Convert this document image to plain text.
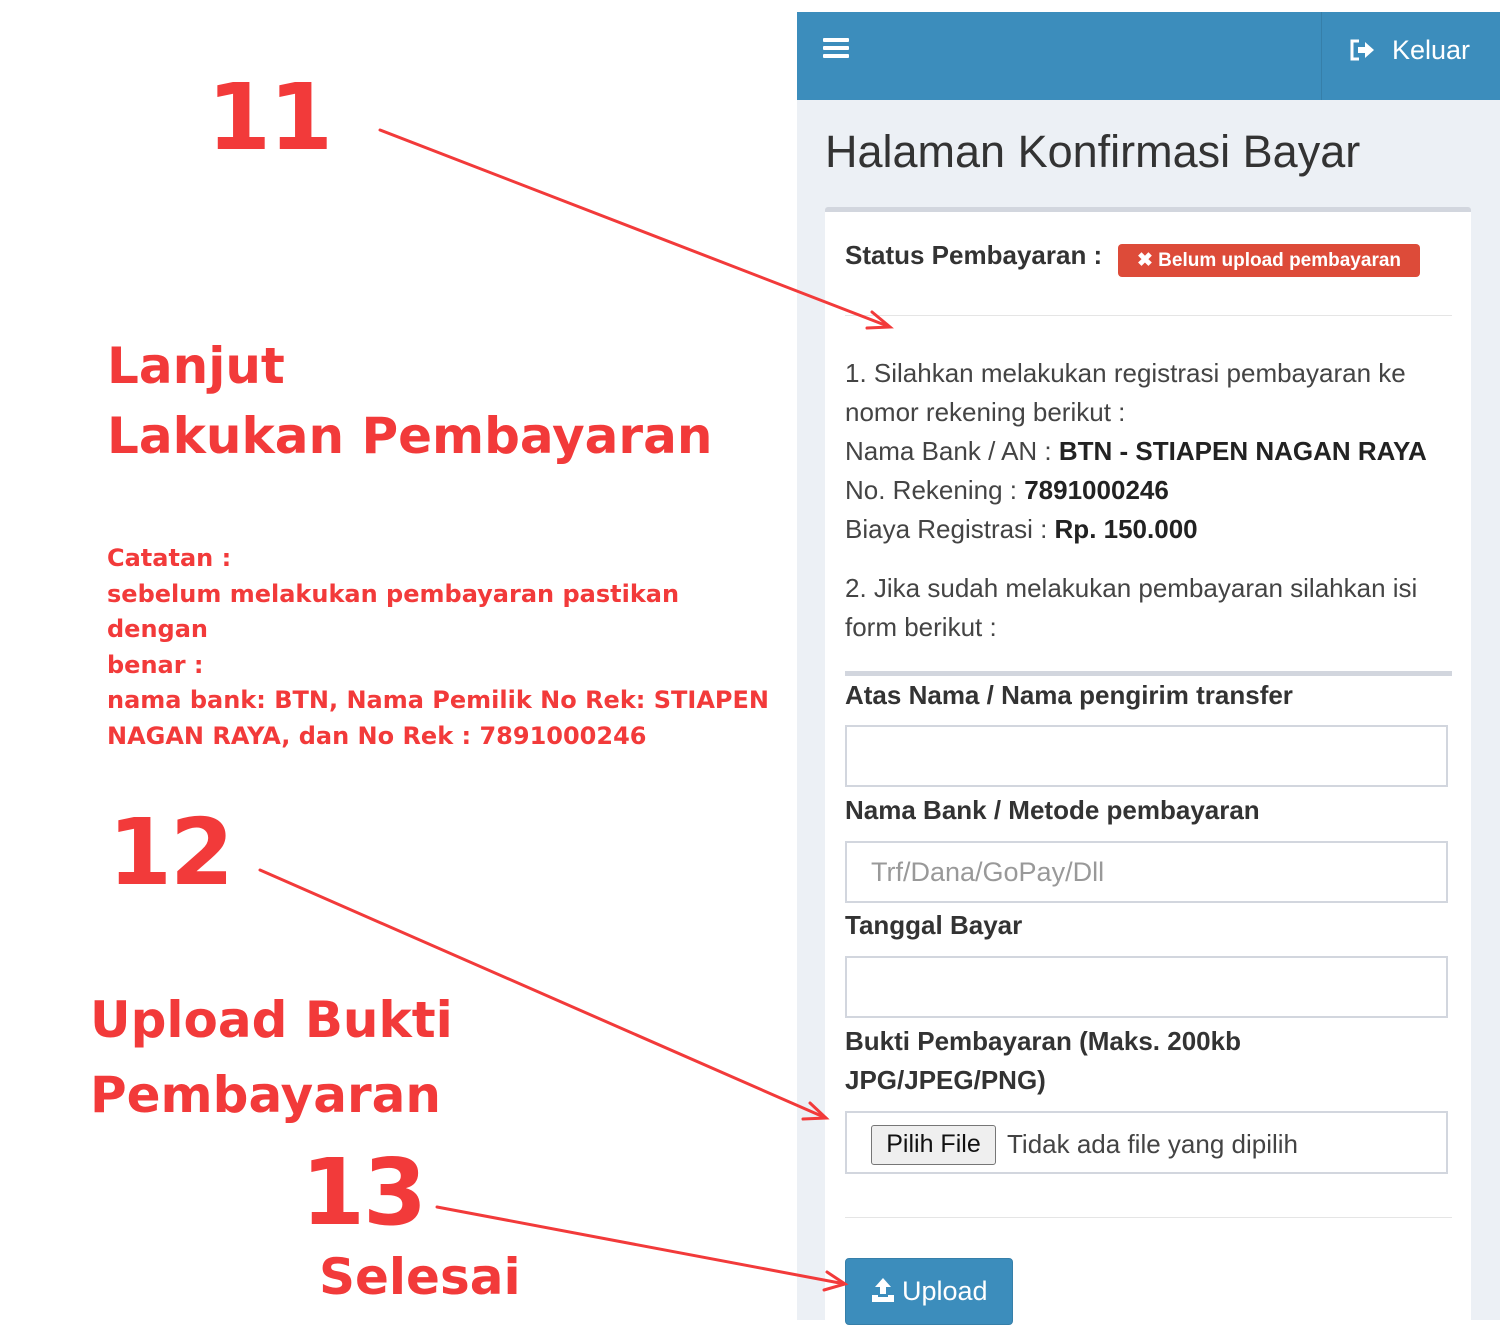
11
Lanjut
Lakukan Pembayaran
Catatan :
sebelum melakukan pembayaran pastikan dengan
benar :
nama bank: BTN, Nama Pemilik No Rek: STIAPEN
NAGAN RAYA, dan No Rek : 7891000246
12
Upload Bukti
Pembayaran
13
Selesai
Keluar
Halaman Konfirmasi Bayar
Status Pembayaran :	✖ Belum upload pembayaran

1. Silahkan melakukan registrasi pembayaran ke

nomor rekening berikut :

Nama Bank / AN : BTN - STIAPEN NAGAN RAYA

No. Rekening : 7891000246

Biaya Registrasi : Rp. 150.000

2. Jika sudah melakukan pembayaran silahkan isi

form berikut :

Atas Nama / Nama pengirim transfer
Nama Bank / Metode pembayaran
Trf/Dana/GoPay/Dll
Tanggal Bayar
Bukti Pembayaran (Maks. 200kb
JPG/JPEG/PNG)
Pilih File	Tidak ada file yang dipilih
Upload
